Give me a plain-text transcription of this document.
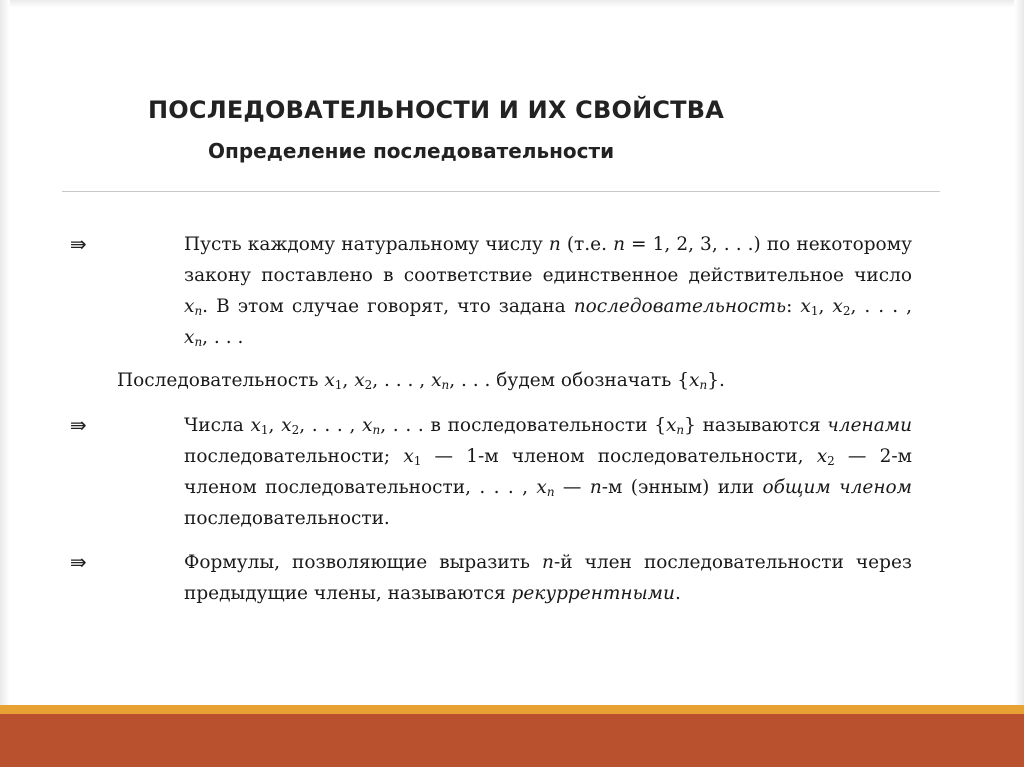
ПОСЛЕДОВАТЕЛЬНОСТИ И ИХ СВОЙСТВА
Определение последовательности
⇛	Пусть каждому натуральному числу n (т.е. n = 1, 2, 3, . . .) по некоторому закону поставлено в соответствие единственное действительное число $x_n$. В этом случае говорят, что задана последовательность: $x_1$, $x_2$, . . . , $x_n$, . . .
Последовательность $x_1$, $x_2$, . . . , $x_n$, . . . будем обозначать $\{x_n\}$.
⇛	Числа $x_1$, $x_2$, . . . , $x_n$, . . . в последовательности $\{x_n\}$ называются членами последовательности; $x_1$ — 1-м членом последовательности, $x_2$ — 2-м членом последовательности, . . . , $x_n$ — n-м (энным) или общим членом последовательности.
⇛	Формулы, позволяющие выразить n-й член последовательности через предыдущие члены, называются рекуррентными.
